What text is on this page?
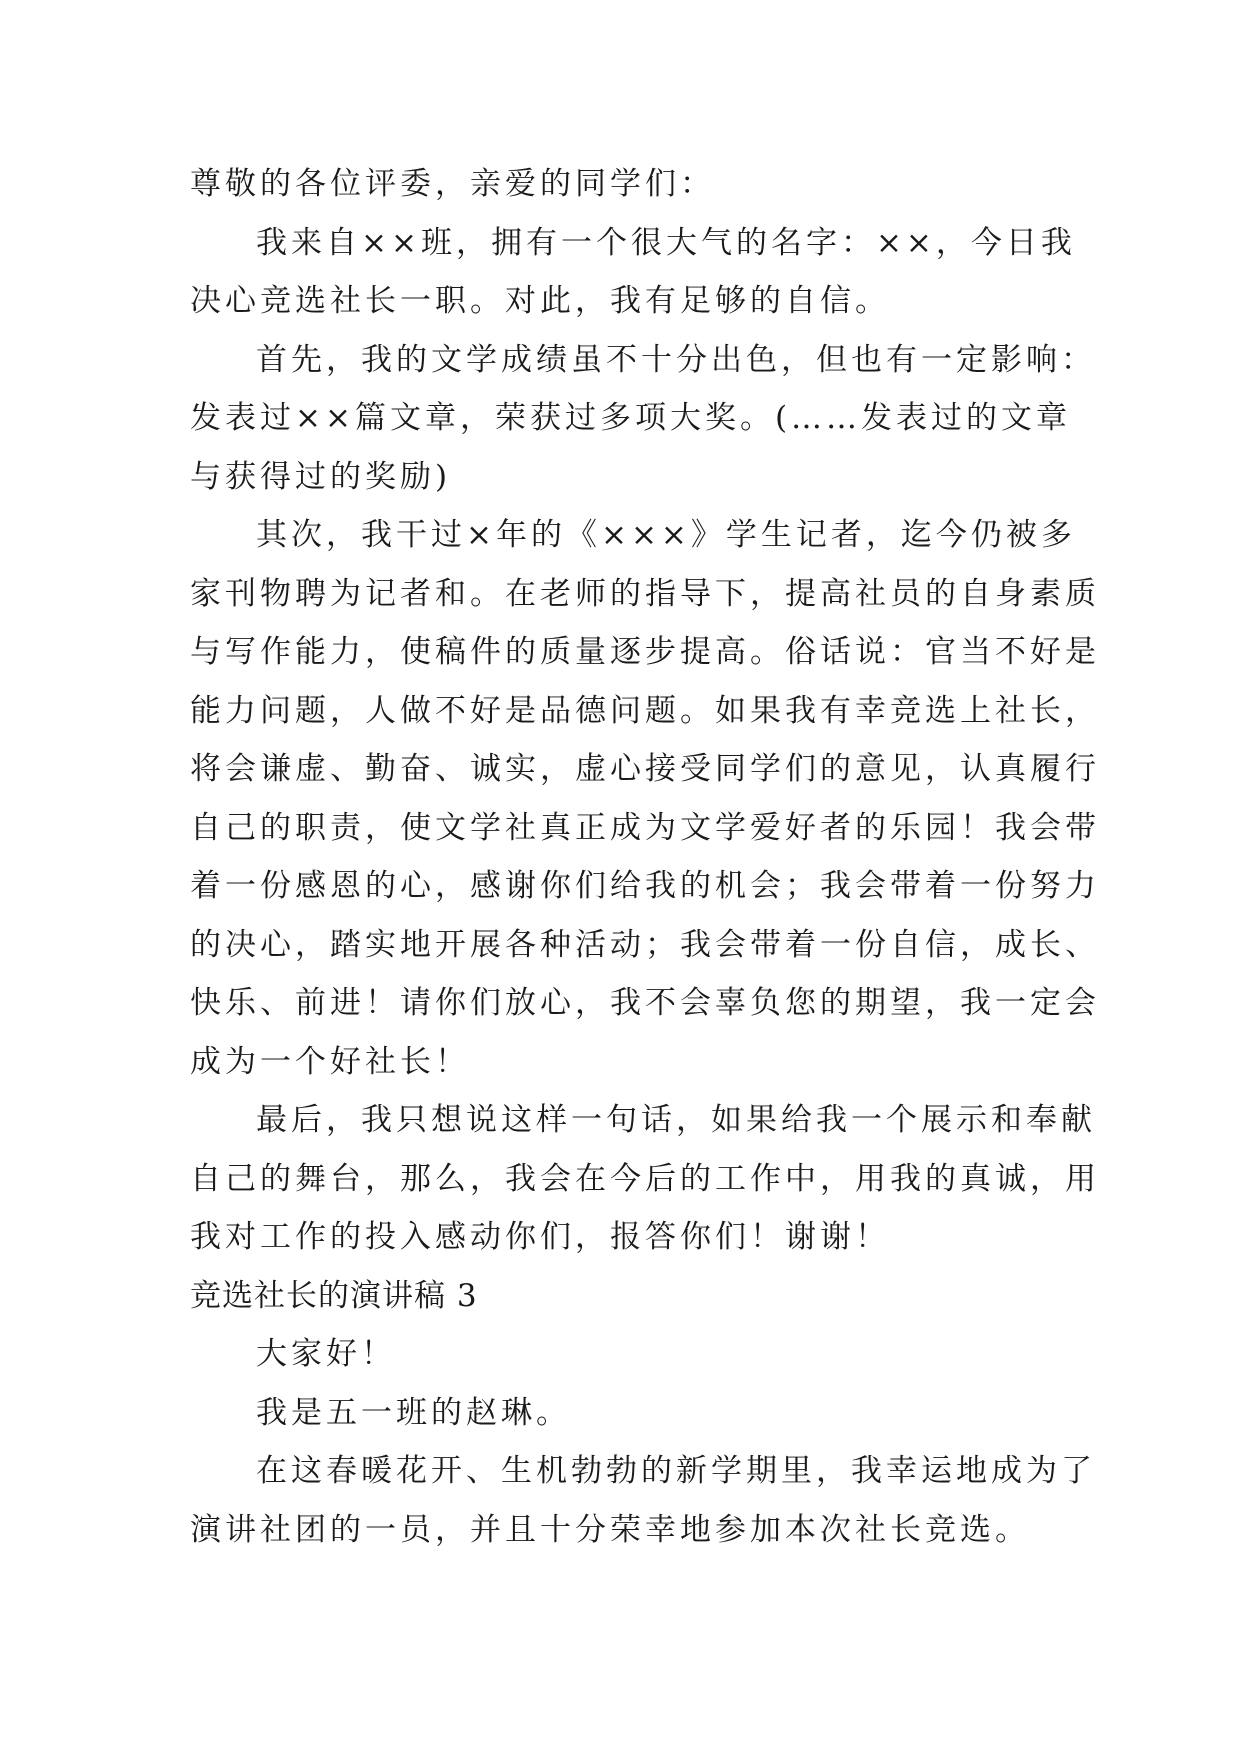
尊敬的各位评委，亲爱的同学们：
我来自××班，拥有一个很大气的名字：××，今日我
决心竞选社长一职。对此，我有足够的自信。
首先，我的文学成绩虽不十分出色，但也有一定影响：
发表过××篇文章，荣获过多项大奖。(……发表过的文章
与获得过的奖励)
其次，我干过×年的《×××》学生记者，迄今仍被多
家刊物聘为记者和。在老师的指导下，提高社员的自身素质
与写作能力，使稿件的质量逐步提高。俗话说：官当不好是
能力问题，人做不好是品德问题。如果我有幸竞选上社长，
将会谦虚、勤奋、诚实，虚心接受同学们的意见，认真履行
自己的职责，使文学社真正成为文学爱好者的乐园！我会带
着一份感恩的心，感谢你们给我的机会；我会带着一份努力
的决心，踏实地开展各种活动；我会带着一份自信，成长、
快乐、前进！请你们放心，我不会辜负您的期望，我一定会
成为一个好社长！
最后，我只想说这样一句话，如果给我一个展示和奉献
自己的舞台，那么，我会在今后的工作中，用我的真诚，用
我对工作的投入感动你们，报答你们！谢谢！
竞选社长的演讲稿 3
大家好！
我是五一班的赵琳。
在这春暖花开、生机勃勃的新学期里，我幸运地成为了
演讲社团的一员，并且十分荣幸地参加本次社长竞选。
